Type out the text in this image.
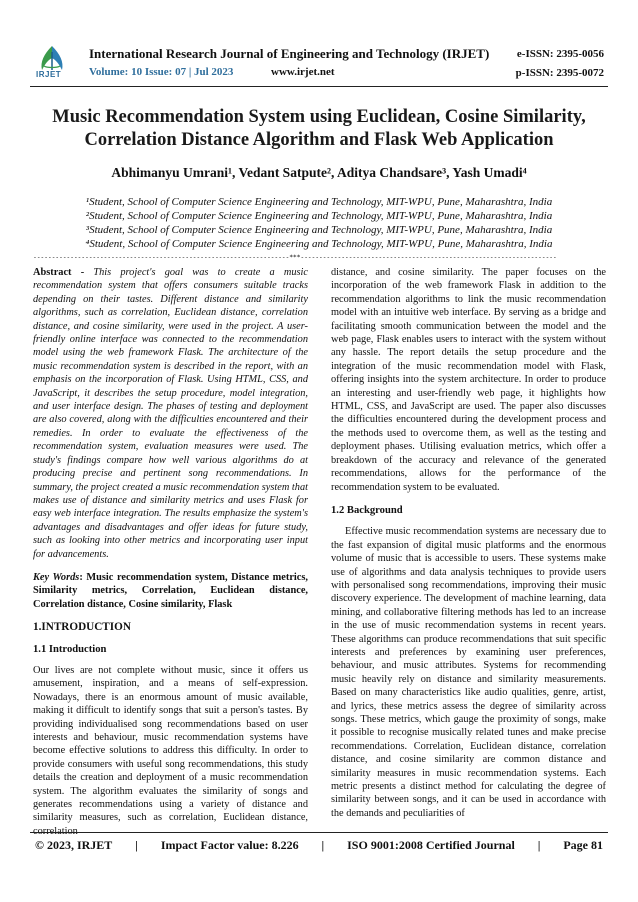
IRJET
International Research Journal of Engineering and Technology (IRJET)
Volume: 10 Issue: 07 | Jul 2023	www.irjet.net
e-ISSN: 2395-0056
p-ISSN: 2395-0072
Music Recommendation System using Euclidean, Cosine Similarity,
Correlation Distance Algorithm and Flask Web Application
Abhimanyu Umrani¹, Vedant Satpute², Aditya Chandsare³, Yash Umadi⁴
¹Student, School of Computer Science Engineering and Technology, MIT-WPU, Pune, Maharashtra, India
²Student, School of Computer Science Engineering and Technology, MIT-WPU, Pune, Maharashtra, India
³Student, School of Computer Science Engineering and Technology, MIT-WPU, Pune, Maharashtra, India
⁴Student, School of Computer Science Engineering and Technology, MIT-WPU, Pune, Maharashtra, India
---------------------------------------------------------------------***---------------------------------------------------------------------

Abstract - This project's goal was to create a music recommendation system that offers consumers suitable tracks depending on their tastes. Different distance and similarity algorithms, such as correlation, Euclidean distance, correlation distance, and cosine similarity, were used in the project. A user-friendly online interface was connected to the recommendation model using the web framework Flask. The architecture of the music recommendation system is described in the report, with an emphasis on the incorporation of Flask. Using HTML, CSS, and JavaScript, it describes the setup procedure, model integration, and user interface design. The phases of testing and deployment are also covered, along with the difficulties encountered and their remedies. In order to evaluate the effectiveness of the recommendation system, evaluation measures were used. The study's findings compare how well various algorithms do at producing precise and pertinent song recommendations. In summary, the project created a music recommendation system that makes use of distance and similarity metrics and uses Flask for easy web interface integration. The results emphasize the system's advantages and disadvantages and offer ideas for future study, such as looking into other metrics and incorporating user input for advancements.

Key Words: Music recommendation system, Distance metrics, Similarity metrics, Correlation, Euclidean distance, Correlation distance, Cosine similarity, Flask

1.INTRODUCTION
1.1 Introduction

Our lives are not complete without music, since it offers us amusement, inspiration, and a means of self-expression. Nowadays, there is an enormous amount of music available, making it difficult to identify songs that suit a person's tastes. By providing individualised song recommendations based on user interests and behaviour, music recommendation systems have become effective solutions to address this difficulty. In order to provide consumers with useful song recommendations, this study details the creation and deployment of a music recommendation system. The algorithm evaluates the similarity of songs and generates recommendations using a variety of distance and similarity measures, such as correlation, Euclidean distance,

distance, and cosine similarity. The paper focuses on the incorporation of the web framework Flask in addition to the recommendation algorithms to link the music recommendation model with an intuitive web interface. By serving as a bridge and facilitating smooth communication between the model and the web page, Flask enables users to interact with the system without any hassle. The report details the setup procedure and the integration of the music recommendation model with Flask, offering insights into the system architecture. In order to produce an interesting and user-friendly web page, it highlights how HTML, CSS, and JavaScript are used. The paper also discusses the difficulties encountered during the development process and the methods used to overcome them, as well as the testing and deployment phases. Utilising evaluation metrics, which offer a breakdown of the accuracy and relevance of the generated recommendations, allows for the performance of the recommendation system to be evaluated.

1.2 Background

Effective music recommendation systems are necessary due to the fast expansion of digital music platforms and the enormous volume of music that is accessible to users. These systems make use of algorithms and data analysis techniques to provide users with personalised song recommendations, improving their music discovery experience. The development of machine learning, data mining, and collaborative filtering methods has led to an increase in the use of music recommendation systems in recent years. These algorithms can produce recommendations that suit specific interests and preferences by examining user preferences, behaviour, and music attributes. Systems for recommending music heavily rely on distance and similarity measurements. Based on many characteristics like audio qualities, genre, artist, and lyrics, these metrics assess the degree of similarity across songs. These metrics, which gauge the proximity of songs, make it possible to recognise musically related tunes and make precise recommendations. Correlation, Euclidean distance, correlation distance, and cosine similarity are common distance and similarity measures in music recommendation systems. Each metric presents a distinct method for calculating the degree of similarity between songs, and it can be used in accordance with the demands and peculiarities of

© 2023, IRJET | Impact Factor value: 8.226 | ISO 9001:2008 Certified Journal | Page 81
